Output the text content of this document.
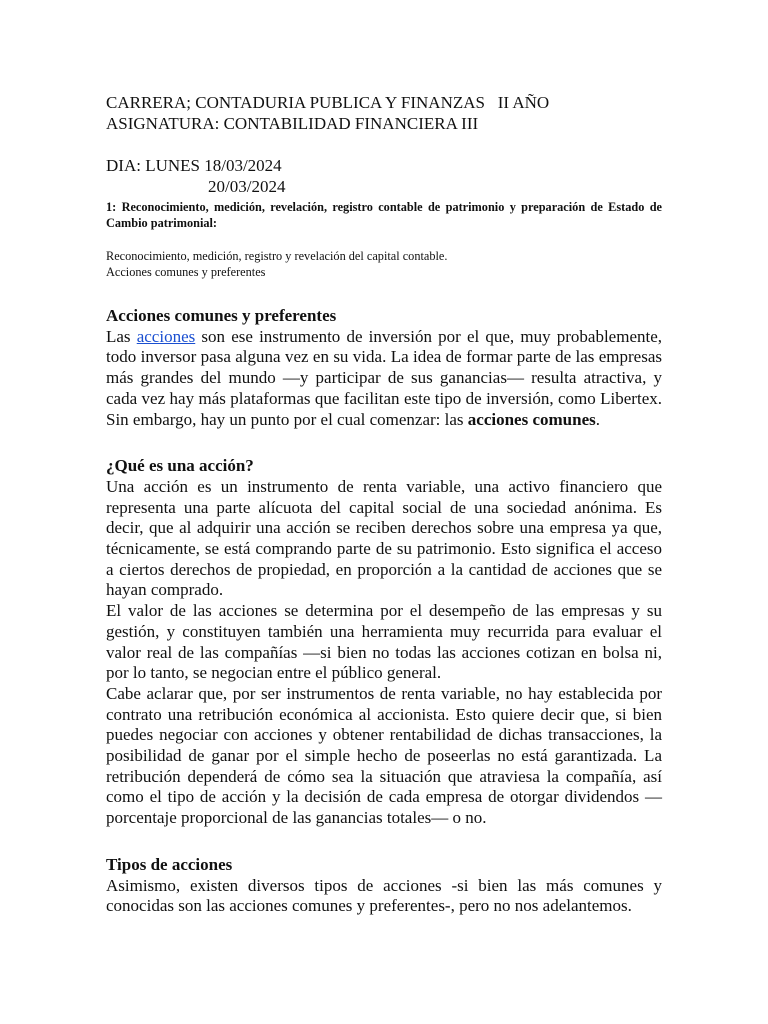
CARRERA; CONTADURIA PUBLICA Y FINANZAS   II AÑO

ASIGNATURA: CONTABILIDAD FINANCIERA III

DIA: LUNES 18/03/2024

20/03/2024

1: Reconocimiento, medición, revelación, registro contable de patrimonio y preparación de Estado de Cambio patrimonial:

Reconocimiento, medición, registro y revelación del capital contable.

Acciones comunes y preferentes

Acciones comunes y preferentes

Las acciones son ese instrumento de inversión por el que, muy probablemente, todo inversor pasa alguna vez en su vida. La idea de formar parte de las empresas más grandes del mundo —y participar de sus ganancias— resulta atractiva, y cada vez hay más plataformas que facilitan este tipo de inversión, como Libertex. Sin embargo, hay un punto por el cual comenzar: las acciones comunes.

¿Qué es una acción?

Una acción es un instrumento de renta variable, una activo financiero que representa una parte alícuota del capital social de una sociedad anónima. Es decir, que al adquirir una acción se reciben derechos sobre una empresa ya que, técnicamente, se está comprando parte de su patrimonio. Esto significa el acceso a ciertos derechos de propiedad, en proporción a la cantidad de acciones que se hayan comprado.

El valor de las acciones se determina por el desempeño de las empresas y su gestión, y constituyen también una herramienta muy recurrida para evaluar el valor real de las compañías —si bien no todas las acciones cotizan en bolsa ni, por lo tanto, se negocian entre el público general.

Cabe aclarar que, por ser instrumentos de renta variable, no hay establecida por contrato una retribución económica al accionista. Esto quiere decir que, si bien puedes negociar con acciones y obtener rentabilidad de dichas transacciones, la posibilidad de ganar por el simple hecho de poseerlas no está garantizada. La retribución dependerá de cómo sea la situación que atraviesa la compañía, así como el tipo de acción y la decisión de cada empresa de otorgar dividendos —porcentaje proporcional de las ganancias totales— o no.

Tipos de acciones

Asimismo, existen diversos tipos de acciones -si bien las más comunes y conocidas son las acciones comunes y preferentes-, pero no nos adelantemos.
